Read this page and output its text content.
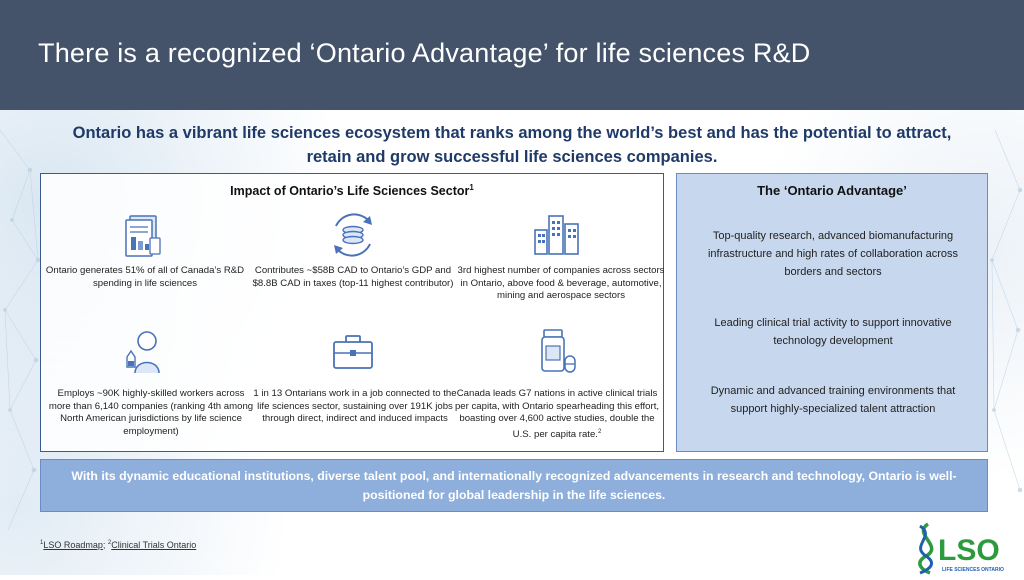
There is a recognized ‘Ontario Advantage’ for life sciences R&D
Ontario has a vibrant life sciences ecosystem that ranks among the world’s best and has the potential to attract,
retain and grow successful life sciences companies.
Impact of Ontario’s Life Sciences Sector$^1$
Ontario generates 51% of all of Canada’s R&D spending in life sciences
Contributes ~$58B CAD to Ontario’s GDP and $8.8B CAD in taxes (top-11 highest contributor)
3rd highest number of companies across sectors in Ontario, above food & beverage, automotive, mining and aerospace sectors
Employs ~90K highly-skilled workers across more than 6,140 companies (ranking 4th among North American jurisdictions by life science employment)
1 in 13 Ontarians work in a job connected to the life sciences sector, sustaining over 191K jobs through direct, indirect and induced impacts
Canada leads G7 nations in active clinical trials per capita, with Ontario spearheading this effort, boasting over 4,600 active studies, double the U.S. per capita rate.$^2$
The ‘Ontario Advantage’
Top-quality research, advanced biomanufacturing infrastructure and high rates of collaboration across borders and sectors
Leading clinical trial activity to support innovative technology development
Dynamic and advanced training environments that support highly-specialized talent attraction
With its dynamic educational institutions, diverse talent pool, and internationally recognized advancements in research and technology, Ontario is well-positioned for global leadership in the life sciences.
$^1$LSO Roadmap; $^2$Clinical Trials Ontario	LSO
LIFE SCIENCES ONTARIO
